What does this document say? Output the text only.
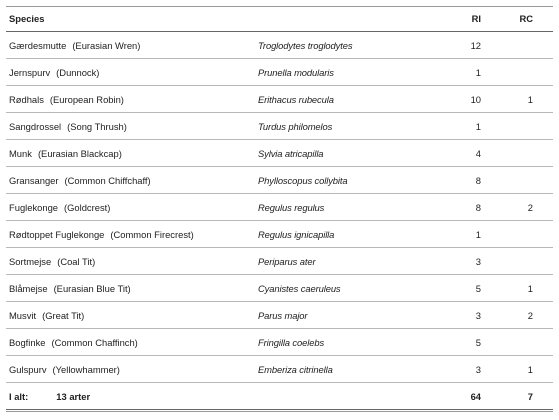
Species		RI	RC
Gærdesmutte (Eurasian Wren)	Troglodytes troglodytes	12	
Jernspurv (Dunnock)	Prunella modularis	1	
Rødhals (European Robin)	Erithacus rubecula	10	1
Sangdrossel (Song Thrush)	Turdus philomelos	1	
Munk (Eurasian Blackcap)	Sylvia atricapilla	4	
Gransanger (Common Chiffchaff)	Phylloscopus collybita	8	
Fuglekonge (Goldcrest)	Regulus regulus	8	2
Rødtoppet Fuglekonge (Common Firecrest)	Regulus ignicapilla	1	
Sortmejse (Coal Tit)	Periparus ater	3	
Blåmejse (Eurasian Blue Tit)	Cyanistes caeruleus	5	1
Musvit (Great Tit)	Parus major	3	2
Bogfinke (Common Chaffinch)	Fringilla coelebs	5	
Gulspurv (Yellowhammer)	Emberiza citrinella	3	1
I alt: 13 arter		64	7
